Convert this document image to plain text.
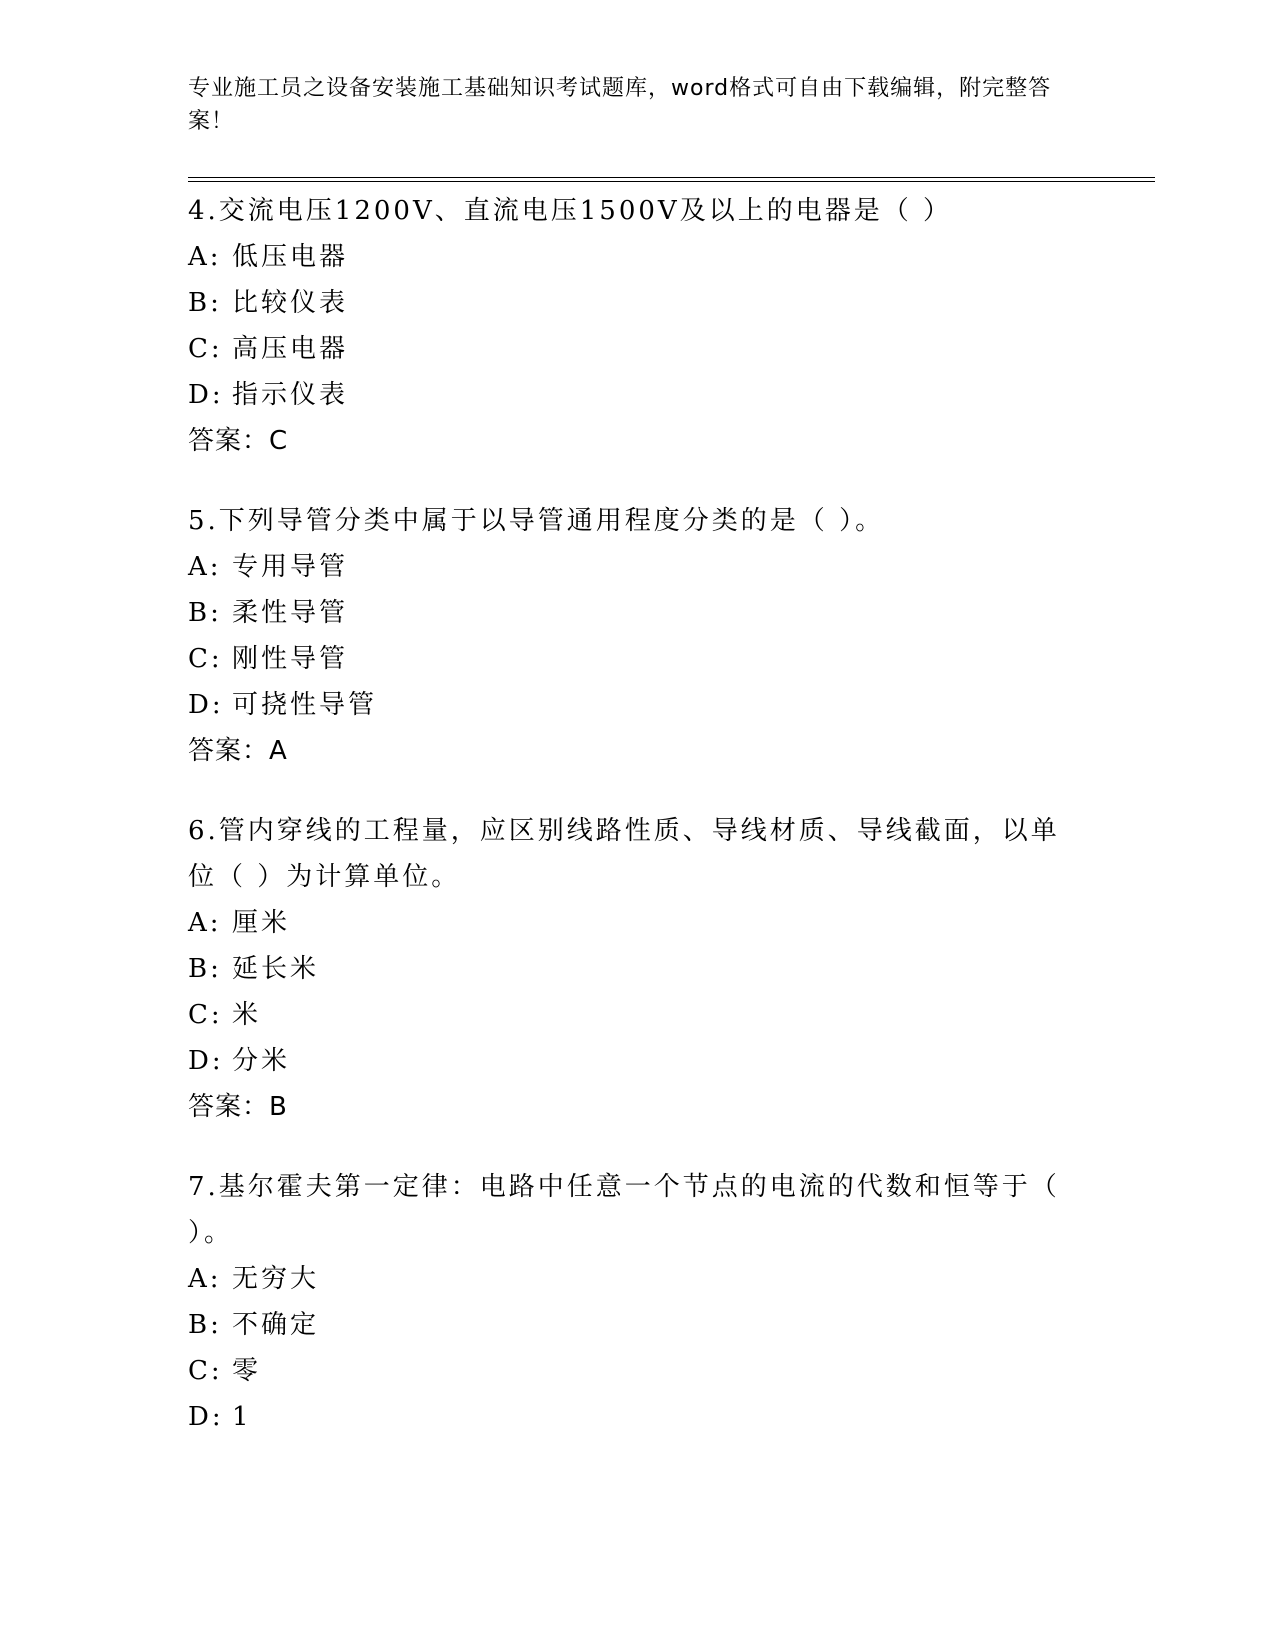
专业施工员之设备安装施工基础知识考试题库，word格式可自由下载编辑，附完整答案！
4.交流电压1200V、直流电压1500V及以上的电器是（ ）
A: 低压电器
B: 比较仪表
C: 高压电器
D: 指示仪表
答案：C
5.下列导管分类中属于以导管通用程度分类的是（ ）。
A: 专用导管
B: 柔性导管
C: 刚性导管
D: 可挠性导管
答案：A
6.管内穿线的工程量，应区别线路性质、导线材质、导线截面，以单位（ ）为计算单位。
A: 厘米
B: 延长米
C: 米
D: 分米
答案：B
7.基尔霍夫第一定律：电路中任意一个节点的电流的代数和恒等于（ ）。
A: 无穷大
B: 不确定
C: 零
D: 1
